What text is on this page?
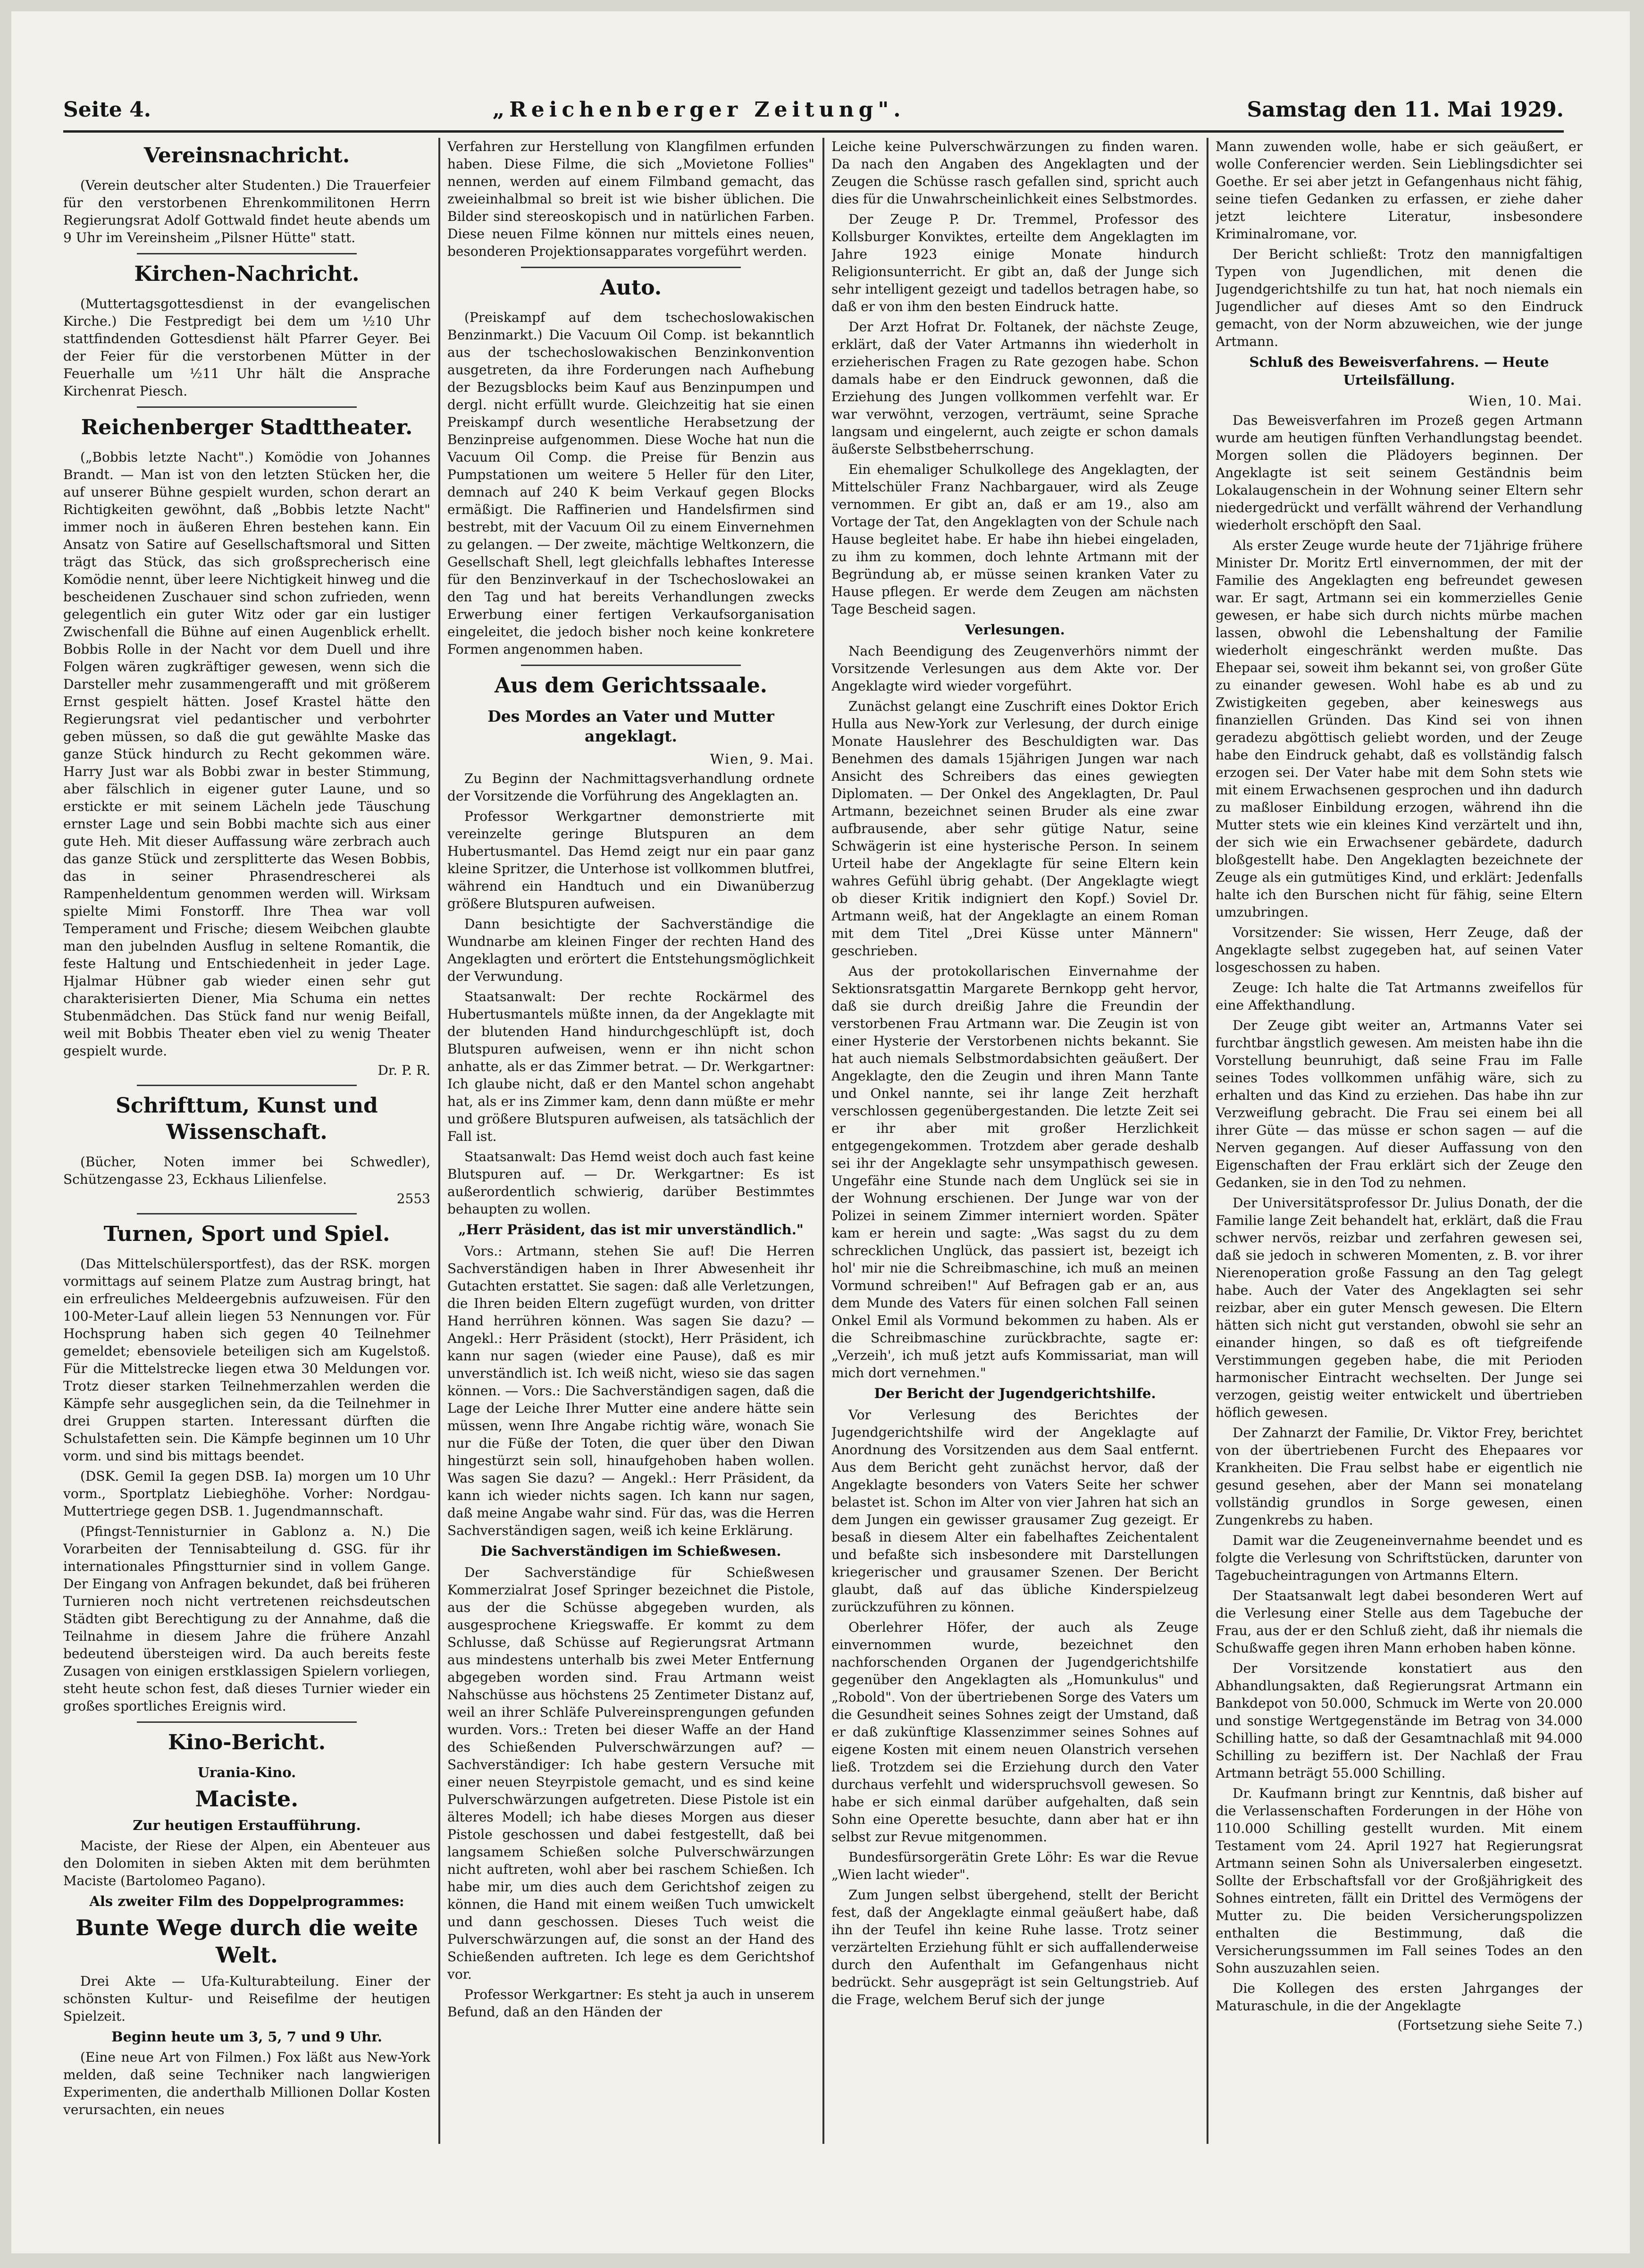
Seite 4.	„Reichenberger Zeitung".	Samstag den 11. Mai 1929.
Vereinsnachricht.

(Verein deutscher alter Studenten.) Die Trauerfeier für den verstorbenen Ehrenkommilitonen Herrn Regierungsrat Adolf Gottwald findet heute abends um 9 Uhr im Vereinsheim „Pilsner Hütte" statt.

Kirchen-Nachricht.

(Muttertagsgottesdienst in der evangelischen Kirche.) Die Festpredigt bei dem um ½10 Uhr stattfindenden Gottesdienst hält Pfarrer Geyer. Bei der Feier für die verstorbenen Mütter in der Feuerhalle um ½11 Uhr hält die Ansprache Kirchenrat Piesch.

Reichenberger Stadttheater.

(„Bobbis letzte Nacht".) Komödie von Johannes Brandt. — Man ist von den letzten Stücken her, die auf unserer Bühne gespielt wurden, schon derart an Richtigkeiten gewöhnt, daß „Bobbis letzte Nacht" immer noch in äußeren Ehren bestehen kann. Ein Ansatz von Satire auf Gesellschaftsmoral und Sitten trägt das Stück, das sich großsprecherisch eine Komödie nennt, über leere Nichtigkeit hinweg und die bescheidenen Zuschauer sind schon zufrieden, wenn gelegentlich ein guter Witz oder gar ein lustiger Zwischenfall die Bühne auf einen Augenblick erhellt. Bobbis Rolle in der Nacht vor dem Duell und ihre Folgen wären zugkräftiger gewesen, wenn sich die Darsteller mehr zusammengerafft und mit größerem Ernst gespielt hätten. Josef Krastel hätte den Regierungsrat viel pedantischer und verbohrter geben müssen, so daß die gut gewählte Maske das ganze Stück hindurch zu Recht gekommen wäre. Harry Just war als Bobbi zwar in bester Stimmung, aber fälschlich in eigener guter Laune, und so erstickte er mit seinem Lächeln jede Täuschung ernster Lage und sein Bobbi machte sich aus einer gute Heh. Mit dieser Auffassung wäre zerbrach auch das ganze Stück und zersplitterte das Wesen Bobbis, das in seiner Phrasendrescherei als Rampenheldentum genommen werden will. Wirksam spielte Mimi Fonstorff. Ihre Thea war voll Temperament und Frische; diesem Weibchen glaubte man den jubelnden Ausflug in seltene Romantik, die feste Haltung und Entschiedenheit in jeder Lage. Hjalmar Hübner gab wieder einen sehr gut charakterisierten Diener, Mia Schuma ein nettes Stubenmädchen. Das Stück fand nur wenig Beifall, weil mit Bobbis Theater eben viel zu wenig Theater gespielt wurde.

Dr. P. R.
Schrifttum, Kunst und Wissenschaft.

(Bücher, Noten immer bei Schwedler), Schützengasse 23, Eckhaus Lilienfelse.

2553
Turnen, Sport und Spiel.

(Das Mittelschülersportfest), das der RSK. morgen vormittags auf seinem Platze zum Austrag bringt, hat ein erfreuliches Meldeergebnis aufzuweisen. Für den 100-Meter-Lauf allein liegen 53 Nennungen vor. Für Hochsprung haben sich gegen 40 Teilnehmer gemeldet; ebensoviele beteiligen sich am Kugelstoß. Für die Mittelstrecke liegen etwa 30 Meldungen vor. Trotz dieser starken Teilnehmerzahlen werden die Kämpfe sehr ausgeglichen sein, da die Teilnehmer in drei Gruppen starten. Interessant dürften die Schulstafetten sein. Die Kämpfe beginnen um 10 Uhr vorm. und sind bis mittags beendet.

(DSK. Gemil Ia gegen DSB. Ia) morgen um 10 Uhr vorm., Sportplatz Liebieghöhe. Vorher: Nordgau-Muttertriege gegen DSB. 1. Jugendmannschaft.

(Pfingst-Tennisturnier in Gablonz a. N.) Die Vorarbeiten der Tennisabteilung d. GSG. für ihr internationales Pfingstturnier sind in vollem Gange. Der Eingang von Anfragen bekundet, daß bei früheren Turnieren noch nicht vertretenen reichsdeutschen Städten gibt Berechtigung zu der Annahme, daß die Teilnahme in diesem Jahre die frühere Anzahl bedeutend übersteigen wird. Da auch bereits feste Zusagen von einigen erstklassigen Spielern vorliegen, steht heute schon fest, daß dieses Turnier wieder ein großes sportliches Ereignis wird.

Kino-Bericht.
Urania-Kino.
Maciste.
Zur heutigen Erstaufführung.

Maciste, der Riese der Alpen, ein Abenteuer aus den Dolomiten in sieben Akten mit dem berühmten Maciste (Bartolomeo Pagano).

Als zweiter Film des Doppelprogrammes:
Bunte Wege durch die weite Welt.

Drei Akte — Ufa-Kulturabteilung. Einer der schönsten Kultur- und Reisefilme der heutigen Spielzeit.

Beginn heute um 3, 5, 7 und 9 Uhr.

(Eine neue Art von Filmen.) Fox läßt aus New-York melden, daß seine Techniker nach langwierigen Experimenten, die anderthalb Millionen Dollar Kosten verursachten, ein neues

Verfahren zur Herstellung von Klangfilmen erfunden haben. Diese Filme, die sich „Movietone Follies" nennen, werden auf einem Filmband gemacht, das zweieinhalbmal so breit ist wie bisher üblichen. Die Bilder sind stereoskopisch und in natürlichen Farben. Diese neuen Filme können nur mittels eines neuen, besonderen Projektionsapparates vorgeführt werden.

Auto.

(Preiskampf auf dem tschechoslowakischen Benzinmarkt.) Die Vacuum Oil Comp. ist bekanntlich aus der tschechoslowakischen Benzinkonvention ausgetreten, da ihre Forderungen nach Aufhebung der Bezugsblocks beim Kauf aus Benzinpumpen und dergl. nicht erfüllt wurde. Gleichzeitig hat sie einen Preiskampf durch wesentliche Herabsetzung der Benzinpreise aufgenommen. Diese Woche hat nun die Vacuum Oil Comp. die Preise für Benzin aus Pumpstationen um weitere 5 Heller für den Liter, demnach auf 240 K beim Verkauf gegen Blocks ermäßigt. Die Raffinerien und Handelsfirmen sind bestrebt, mit der Vacuum Oil zu einem Einvernehmen zu gelangen. — Der zweite, mächtige Weltkonzern, die Gesellschaft Shell, legt gleichfalls lebhaftes Interesse für den Benzinverkauf in der Tschechoslowakei an den Tag und hat bereits Verhandlungen zwecks Erwerbung einer fertigen Verkaufsorganisation eingeleitet, die jedoch bisher noch keine konkretere Formen angenommen haben.

Aus dem Gerichtssaale.
Des Mordes an Vater und Mutter angeklagt.
Wien, 9. Mai.

Zu Beginn der Nachmittagsverhandlung ordnete der Vorsitzende die Vorführung des Angeklagten an.

Professor Werkgartner demonstrierte mit vereinzelte geringe Blutspuren an dem Hubertusmantel. Das Hemd zeigt nur ein paar ganz kleine Spritzer, die Unterhose ist vollkommen blutfrei, während ein Handtuch und ein Diwanüberzug größere Blutspuren aufweisen.

Dann besichtigte der Sachverständige die Wundnarbe am kleinen Finger der rechten Hand des Angeklagten und erörtert die Entstehungsmöglichkeit der Verwundung.

Staatsanwalt: Der rechte Rockärmel des Hubertusmantels müßte innen, da der Angeklagte mit der blutenden Hand hindurchgeschlüpft ist, doch Blutspuren aufweisen, wenn er ihn nicht schon anhatte, als er das Zimmer betrat. — Dr. Werkgartner: Ich glaube nicht, daß er den Mantel schon angehabt hat, als er ins Zimmer kam, denn dann müßte er mehr und größere Blutspuren aufweisen, als tatsächlich der Fall ist.

Staatsanwalt: Das Hemd weist doch auch fast keine Blutspuren auf. — Dr. Werkgartner: Es ist außerordentlich schwierig, darüber Bestimmtes behaupten zu wollen.

„Herr Präsident, das ist mir unverständlich."

Vors.: Artmann, stehen Sie auf! Die Herren Sachverständigen haben in Ihrer Abwesenheit ihr Gutachten erstattet. Sie sagen: daß alle Verletzungen, die Ihren beiden Eltern zugefügt wurden, von dritter Hand herrühren können. Was sagen Sie dazu? — Angekl.: Herr Präsident (stockt), Herr Präsident, ich kann nur sagen (wieder eine Pause), daß es mir unverständlich ist. Ich weiß nicht, wieso sie das sagen können. — Vors.: Die Sachverständigen sagen, daß die Lage der Leiche Ihrer Mutter eine andere hätte sein müssen, wenn Ihre Angabe richtig wäre, wonach Sie nur die Füße der Toten, die quer über den Diwan hingestürzt sein soll, hinaufgehoben haben wollen. Was sagen Sie dazu? — Angekl.: Herr Präsident, da kann ich wieder nichts sagen. Ich kann nur sagen, daß meine Angabe wahr sind. Für das, was die Herren Sachverständigen sagen, weiß ich keine Erklärung.

Die Sachverständigen im Schießwesen.

Der Sachverständige für Schießwesen Kommerzialrat Josef Springer bezeichnet die Pistole, aus der die Schüsse abgegeben wurden, als ausgesprochene Kriegswaffe. Er kommt zu dem Schlusse, daß Schüsse auf Regierungsrat Artmann aus mindestens unterhalb bis zwei Meter Entfernung abgegeben worden sind. Frau Artmann weist Nahschüsse aus höchstens 25 Zentimeter Distanz auf, weil an ihrer Schläfe Pulvereinsprengungen gefunden wurden. Vors.: Treten bei dieser Waffe an der Hand des Schießenden Pulverschwärzungen auf? — Sachverständiger: Ich habe gestern Versuche mit einer neuen Steyrpistole gemacht, und es sind keine Pulverschwärzungen aufgetreten. Diese Pistole ist ein älteres Modell; ich habe dieses Morgen aus dieser Pistole geschossen und dabei festgestellt, daß bei langsamem Schießen solche Pulverschwärzungen nicht auftreten, wohl aber bei raschem Schießen. Ich habe mir, um dies auch dem Gerichtshof zeigen zu können, die Hand mit einem weißen Tuch umwickelt und dann geschossen. Dieses Tuch weist die Pulverschwärzungen auf, die sonst an der Hand des Schießenden auftreten. Ich lege es dem Gerichtshof vor.

Professor Werkgartner: Es steht ja auch in unserem Befund, daß an den Händen der

Leiche keine Pulverschwärzungen zu finden waren. Da nach den Angaben des Angeklagten und der Zeugen die Schüsse rasch gefallen sind, spricht auch dies für die Unwahrscheinlichkeit eines Selbstmordes.

Der Zeuge P. Dr. Tremmel, Professor des Kollsburger Konviktes, erteilte dem Angeklagten im Jahre 1923 einige Monate hindurch Religionsunterricht. Er gibt an, daß der Junge sich sehr intelligent gezeigt und tadellos betragen habe, so daß er von ihm den besten Eindruck hatte.

Der Arzt Hofrat Dr. Foltanek, der nächste Zeuge, erklärt, daß der Vater Artmanns ihn wiederholt in erzieherischen Fragen zu Rate gezogen habe. Schon damals habe er den Eindruck gewonnen, daß die Erziehung des Jungen vollkommen verfehlt war. Er war verwöhnt, verzogen, verträumt, seine Sprache langsam und eingelernt, auch zeigte er schon damals äußerste Selbstbeherrschung.

Ein ehemaliger Schulkollege des Angeklagten, der Mittelschüler Franz Nachbargauer, wird als Zeuge vernommen. Er gibt an, daß er am 19., also am Vortage der Tat, den Angeklagten von der Schule nach Hause begleitet habe. Er habe ihn hiebei eingeladen, zu ihm zu kommen, doch lehnte Artmann mit der Begründung ab, er müsse seinen kranken Vater zu Hause pflegen. Er werde dem Zeugen am nächsten Tage Bescheid sagen.

Verlesungen.

Nach Beendigung des Zeugenverhörs nimmt der Vorsitzende Verlesungen aus dem Akte vor. Der Angeklagte wird wieder vorgeführt.

Zunächst gelangt eine Zuschrift eines Doktor Erich Hulla aus New-York zur Verlesung, der durch einige Monate Hauslehrer des Beschuldigten war. Das Benehmen des damals 15jährigen Jungen war nach Ansicht des Schreibers das eines gewiegten Diplomaten. — Der Onkel des Angeklagten, Dr. Paul Artmann, bezeichnet seinen Bruder als eine zwar aufbrausende, aber sehr gütige Natur, seine Schwägerin ist eine hysterische Person. In seinem Urteil habe der Angeklagte für seine Eltern kein wahres Gefühl übrig gehabt. (Der Angeklagte wiegt ob dieser Kritik indigniert den Kopf.) Soviel Dr. Artmann weiß, hat der Angeklagte an einem Roman mit dem Titel „Drei Küsse unter Männern" geschrieben.

Aus der protokollarischen Einvernahme der Sektionsratsgattin Margarete Bernkopp geht hervor, daß sie durch dreißig Jahre die Freundin der verstorbenen Frau Artmann war. Die Zeugin ist von einer Hysterie der Verstorbenen nichts bekannt. Sie hat auch niemals Selbstmordabsichten geäußert. Der Angeklagte, den die Zeugin und ihren Mann Tante und Onkel nannte, sei ihr lange Zeit herzhaft verschlossen gegenübergestanden. Die letzte Zeit sei er ihr aber mit großer Herzlichkeit entgegengekommen. Trotzdem aber gerade deshalb sei ihr der Angeklagte sehr unsympathisch gewesen. Ungefähr eine Stunde nach dem Unglück sei sie in der Wohnung erschienen. Der Junge war von der Polizei in seinem Zimmer interniert worden. Später kam er herein und sagte: „Was sagst du zu dem schrecklichen Unglück, das passiert ist, bezeigt ich hol' mir nie die Schreibmaschine, ich muß an meinen Vormund schreiben!" Auf Befragen gab er an, aus dem Munde des Vaters für einen solchen Fall seinen Onkel Emil als Vormund bekommen zu haben. Als er die Schreibmaschine zurückbrachte, sagte er: „Verzeih', ich muß jetzt aufs Kommissariat, man will mich dort vernehmen."

Der Bericht der Jugendgerichtshilfe.

Vor Verlesung des Berichtes der Jugendgerichtshilfe wird der Angeklagte auf Anordnung des Vorsitzenden aus dem Saal entfernt. Aus dem Bericht geht zunächst hervor, daß der Angeklagte besonders von Vaters Seite her schwer belastet ist. Schon im Alter von vier Jahren hat sich an dem Jungen ein gewisser grausamer Zug gezeigt. Er besaß in diesem Alter ein fabelhaftes Zeichentalent und befaßte sich insbesondere mit Darstellungen kriegerischer und grausamer Szenen. Der Bericht glaubt, daß auf das übliche Kinderspielzeug zurückzuführen zu können.

Oberlehrer Höfer, der auch als Zeuge einvernommen wurde, bezeichnet den nachforschenden Organen der Jugendgerichtshilfe gegenüber den Angeklagten als „Homunkulus" und „Robold". Von der übertriebenen Sorge des Vaters um die Gesundheit seines Sohnes zeigt der Umstand, daß er daß zukünftige Klassenzimmer seines Sohnes auf eigene Kosten mit einem neuen Olanstrich versehen ließ. Trotzdem sei die Erziehung durch den Vater durchaus verfehlt und widerspruchsvoll gewesen. So habe er sich einmal darüber aufgehalten, daß sein Sohn eine Operette besuchte, dann aber hat er ihn selbst zur Revue mitgenommen.

Bundesfürsorgerätin Grete Löhr: Es war die Revue „Wien lacht wieder".

Zum Jungen selbst übergehend, stellt der Bericht fest, daß der Angeklagte einmal geäußert habe, daß ihn der Teufel ihn keine Ruhe lasse. Trotz seiner verzärtelten Erziehung fühlt er sich auffallenderweise durch den Aufenthalt im Gefangenhaus nicht bedrückt. Sehr ausgeprägt ist sein Geltungstrieb. Auf die Frage, welchem Beruf sich der junge

Mann zuwenden wolle, habe er sich geäußert, er wolle Conferencier werden. Sein Lieblingsdichter sei Goethe. Er sei aber jetzt in Gefangenhaus nicht fähig, seine tiefen Gedanken zu erfassen, er ziehe daher jetzt leichtere Literatur, insbesondere Kriminalromane, vor.

Der Bericht schließt: Trotz den mannigfaltigen Typen von Jugendlichen, mit denen die Jugendgerichtshilfe zu tun hat, hat noch niemals ein Jugendlicher auf dieses Amt so den Eindruck gemacht, von der Norm abzuweichen, wie der junge Artmann.

Schluß des Beweisverfahrens. — Heute Urteilsfällung.
Wien, 10. Mai.

Das Beweisverfahren im Prozeß gegen Artmann wurde am heutigen fünften Verhandlungstag beendet. Morgen sollen die Plädoyers beginnen. Der Angeklagte ist seit seinem Geständnis beim Lokalaugenschein in der Wohnung seiner Eltern sehr niedergedrückt und verfällt während der Verhandlung wiederholt erschöpft den Saal.

Als erster Zeuge wurde heute der 71jährige frühere Minister Dr. Moritz Ertl einvernommen, der mit der Familie des Angeklagten eng befreundet gewesen war. Er sagt, Artmann sei ein kommerzielles Genie gewesen, er habe sich durch nichts mürbe machen lassen, obwohl die Lebenshaltung der Familie wiederholt eingeschränkt werden mußte. Das Ehepaar sei, soweit ihm bekannt sei, von großer Güte zu einander gewesen. Wohl habe es ab und zu Zwistigkeiten gegeben, aber keineswegs aus finanziellen Gründen. Das Kind sei von ihnen geradezu abgöttisch geliebt worden, und der Zeuge habe den Eindruck gehabt, daß es vollständig falsch erzogen sei. Der Vater habe mit dem Sohn stets wie mit einem Erwachsenen gesprochen und ihn dadurch zu maßloser Einbildung erzogen, während ihn die Mutter stets wie ein kleines Kind verzärtelt und ihn, der sich wie ein Erwachsener gebärdete, dadurch bloßgestellt habe. Den Angeklagten bezeichnete der Zeuge als ein gutmütiges Kind, und erklärt: Jedenfalls halte ich den Burschen nicht für fähig, seine Eltern umzubringen.

Vorsitzender: Sie wissen, Herr Zeuge, daß der Angeklagte selbst zugegeben hat, auf seinen Vater losgeschossen zu haben.

Zeuge: Ich halte die Tat Artmanns zweifellos für eine Affekthandlung.

Der Zeuge gibt weiter an, Artmanns Vater sei furchtbar ängstlich gewesen. Am meisten habe ihn die Vorstellung beunruhigt, daß seine Frau im Falle seines Todes vollkommen unfähig wäre, sich zu erhalten und das Kind zu erziehen. Das habe ihn zur Verzweiflung gebracht. Die Frau sei einem bei all ihrer Güte — das müsse er schon sagen — auf die Nerven gegangen. Auf dieser Auffassung von den Eigenschaften der Frau erklärt sich der Zeuge den Gedanken, sie in den Tod zu nehmen.

Der Universitätsprofessor Dr. Julius Donath, der die Familie lange Zeit behandelt hat, erklärt, daß die Frau schwer nervös, reizbar und zerfahren gewesen sei, daß sie jedoch in schweren Momenten, z. B. vor ihrer Nierenoperation große Fassung an den Tag gelegt habe. Auch der Vater des Angeklagten sei sehr reizbar, aber ein guter Mensch gewesen. Die Eltern hätten sich nicht gut verstanden, obwohl sie sehr an einander hingen, so daß es oft tiefgreifende Verstimmungen gegeben habe, die mit Perioden harmonischer Eintracht wechselten. Der Junge sei verzogen, geistig weiter entwickelt und übertrieben höflich gewesen.

Der Zahnarzt der Familie, Dr. Viktor Frey, berichtet von der übertriebenen Furcht des Ehepaares vor Krankheiten. Die Frau selbst habe er eigentlich nie gesund gesehen, aber der Mann sei monatelang vollständig grundlos in Sorge gewesen, einen Zungenkrebs zu haben.

Damit war die Zeugeneinvernahme beendet und es folgte die Verlesung von Schriftstücken, darunter von Tagebucheintragungen von Artmanns Eltern.

Der Staatsanwalt legt dabei besonderen Wert auf die Verlesung einer Stelle aus dem Tagebuche der Frau, aus der er den Schluß zieht, daß ihr niemals die Schußwaffe gegen ihren Mann erhoben haben könne.

Der Vorsitzende konstatiert aus den Abhandlungsakten, daß Regierungsrat Artmann ein Bankdepot von 50.000, Schmuck im Werte von 20.000 und sonstige Wertgegenstände im Betrag von 34.000 Schilling hatte, so daß der Gesamtnachlaß mit 94.000 Schilling zu beziffern ist. Der Nachlaß der Frau Artmann beträgt 55.000 Schilling.

Dr. Kaufmann bringt zur Kenntnis, daß bisher auf die Verlassenschaften Forderungen in der Höhe von 110.000 Schilling gestellt wurden. Mit einem Testament vom 24. April 1927 hat Regierungsrat Artmann seinen Sohn als Universalerben eingesetzt. Sollte der Erbschaftsfall vor der Großjährigkeit des Sohnes eintreten, fällt ein Drittel des Vermögens der Mutter zu. Die beiden Versicherungspolizzen enthalten die Bestimmung, daß die Versicherungssummen im Fall seines Todes an den Sohn auszuzahlen seien.

Die Kollegen des ersten Jahrganges der Maturaschule, in die der Angeklagte

(Fortsetzung siehe Seite 7.)
